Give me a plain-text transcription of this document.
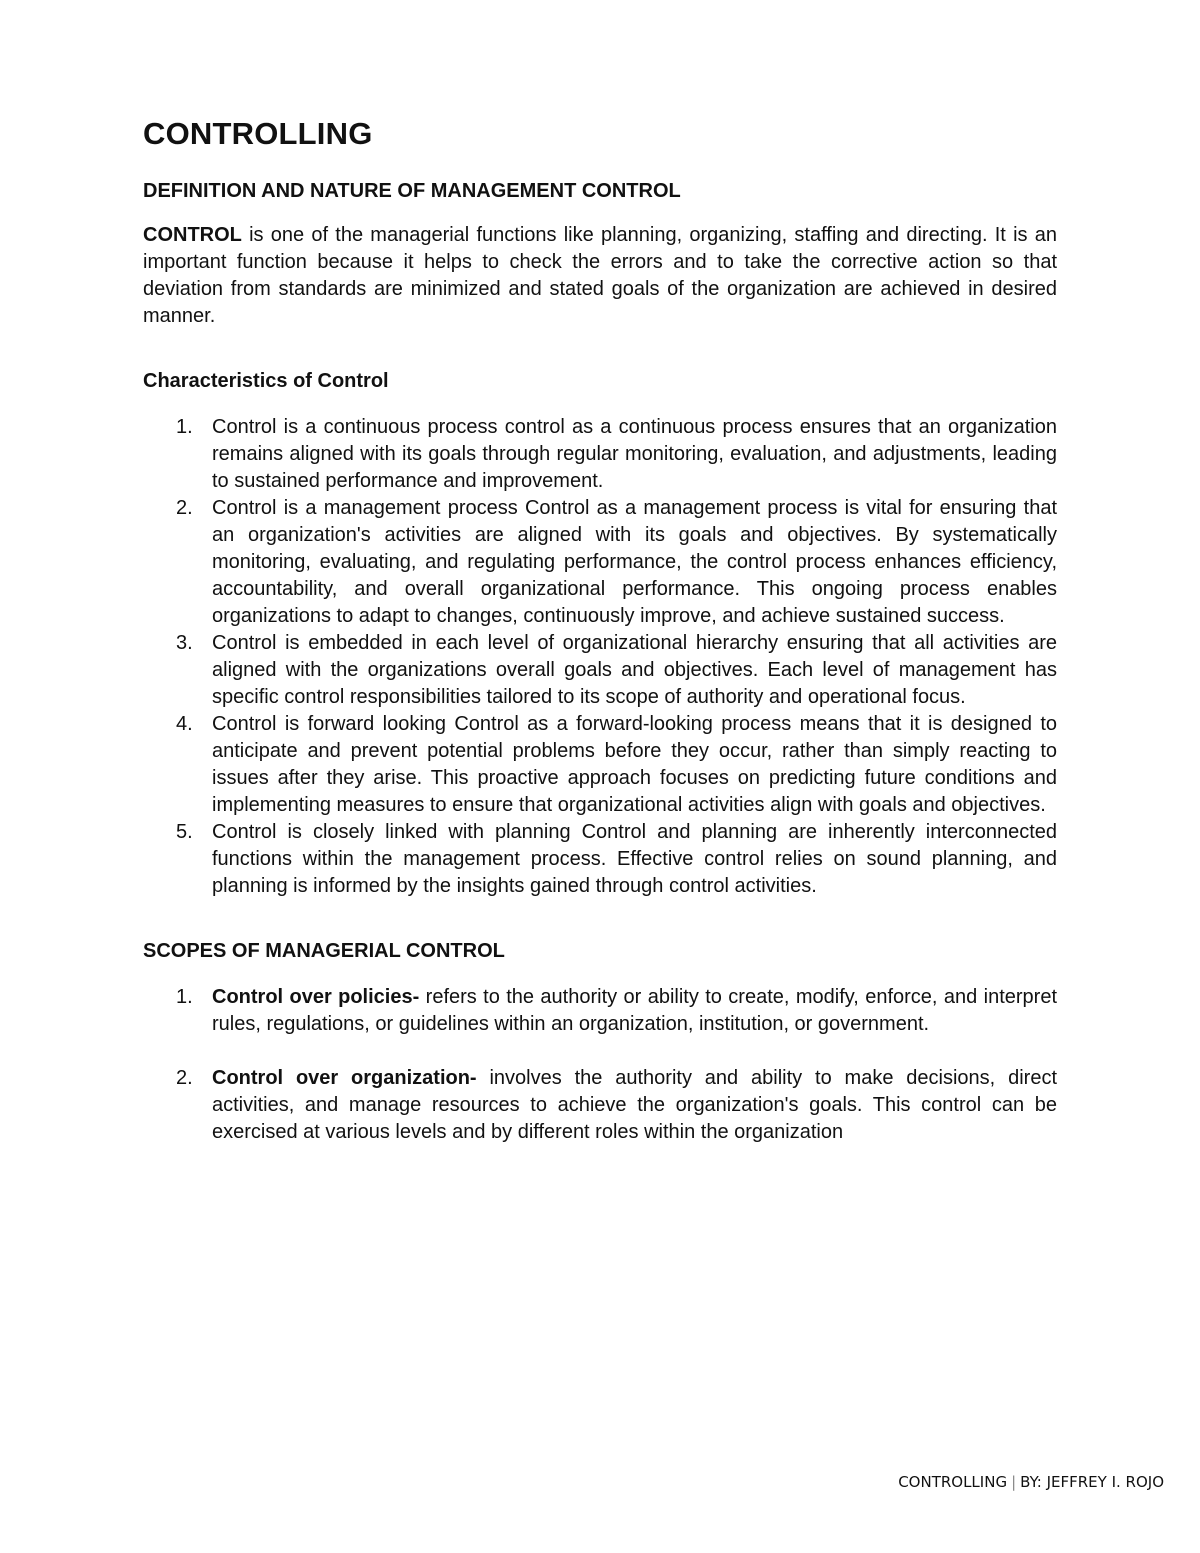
CONTROLLING
DEFINITION AND NATURE OF MANAGEMENT CONTROL

CONTROL is one of the managerial functions like planning, organizing, staffing and directing. It is an important function because it helps to check the errors and to take the corrective action so that deviation from standards are minimized and stated goals of the organization are achieved in desired manner.

Characteristics of Control
1. Control is a continuous process control as a continuous process ensures that an organization remains aligned with its goals through regular monitoring, evaluation, and adjustments, leading to sustained performance and improvement.
2. Control is a management process Control as a management process is vital for ensuring that an organization's activities are aligned with its goals and objectives. By systematically monitoring, evaluating, and regulating performance, the control process enhances efficiency, accountability, and overall organizational performance. This ongoing process enables organizations to adapt to changes, continuously improve, and achieve sustained success.
3. Control is embedded in each level of organizational hierarchy ensuring that all activities are aligned with the organizations overall goals and objectives. Each level of management has specific control responsibilities tailored to its scope of authority and operational focus.
4. Control is forward looking Control as a forward-looking process means that it is designed to anticipate and prevent potential problems before they occur, rather than simply reacting to issues after they arise. This proactive approach focuses on predicting future conditions and implementing measures to ensure that organizational activities align with goals and objectives.
5. Control is closely linked with planning Control and planning are inherently interconnected functions within the management process. Effective control relies on sound planning, and planning is informed by the insights gained through control activities.
SCOPES OF MANAGERIAL CONTROL
1. Control over policies- refers to the authority or ability to create, modify, enforce, and interpret rules, regulations, or guidelines within an organization, institution, or government.
2. Control over organization- involves the authority and ability to make decisions, direct activities, and manage resources to achieve the organization's goals. This control can be exercised at various levels and by different roles within the organization
CONTROLLING | BY: JEFFREY I. ROJO
